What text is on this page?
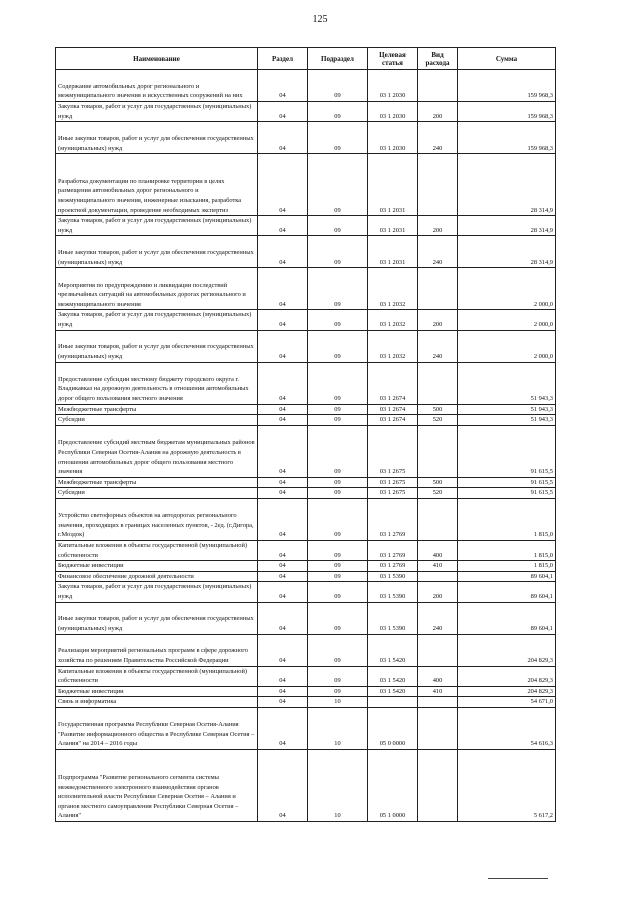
125
Наименование	Раздел	Подраздел	Целевая статья	Вид расхода	Сумма
Содержание автомобильных дорог регионального и межмуниципального значения и искусственных сооружений на них	04	09	03 1 2030		159 968,3
Закупка товаров, работ и услуг для государственных (муниципальных) нужд	04	09	03 1 2030	200	159 968,3
Иные закупки товаров, работ и услуг для обеспечения государственных (муниципальных) нужд	04	09	03 1 2030	240	159 968,3
Разработка документации по планировке территории в целях размещения автомобильных дорог регионального и межмуниципального значения, инженерные изыскания, разработка проектной документации, проведение необходимых экспертиз	04	09	03 1 2031		28 314,9
Закупка товаров, работ и услуг для государственных (муниципальных) нужд	04	09	03 1 2031	200	28 314,9
Иные закупки товаров, работ и услуг для обеспечения государственных (муниципальных) нужд	04	09	03 1 2031	240	28 314,9
Мероприятия по предупреждению и ликвидации последствий чрезвычайных ситуаций на автомобильных дорогах регионального и межмуниципального значения	04	09	03 1 2032		2 000,0
Закупка товаров, работ и услуг для государственных (муниципальных) нужд	04	09	03 1 2032	200	2 000,0
Иные закупки товаров, работ и услуг для обеспечения государственных (муниципальных) нужд	04	09	03 1 2032	240	2 000,0
Предоставление субсидии местному бюджету городского округа г. Владикавказ на дорожную деятельность в отношении автомобильных дорог общего пользования местного значения	04	09	03 1 2674		51 943,3
Межбюджетные трансферты	04	09	03 1 2674	500	51 943,3
Субсидии	04	09	03 1 2674	520	51 943,3
Предоставление субсидий местным бюджетам муниципальных районов Республики Северная Осетия-Алания на дорожную деятельность в отношении автомобильных дорог общего пользования местного значения	04	09	03 1 2675		91 615,5
Межбюджетные трансферты	04	09	03 1 2675	500	91 615,5
Субсидии	04	09	03 1 2675	520	91 615,5
Устройство светофорных объектов на автодорогах регионального значения, проходящих в границах населенных пунктов, - 2ед. (г.Дигора, г.Моздок)	04	09	03 1 2769		1 815,0
Капитальные вложения в объекты государственной (муниципальной) собственности	04	09	03 1 2769	400	1 815,0
Бюджетные инвестиции	04	09	03 1 2769	410	1 815,0
Финансовое обеспечение дорожной деятельности	04	09	03 1 5390		89 604,1
Закупка товаров, работ и услуг для государственных (муниципальных) нужд	04	09	03 1 5390	200	89 604,1
Иные закупки товаров, работ и услуг для обеспечения государственных (муниципальных) нужд	04	09	03 1 5390	240	89 604,1
Реализация мероприятий региональных программ в сфере дорожного хозяйства по решениям Правительства Российской Федерации	04	09	03 1 5420		204 829,3
Капитальные вложения в объекты государственной (муниципальной) собственности	04	09	03 1 5420	400	204 829,3
Бюджетные инвестиции	04	09	03 1 5420	410	204 829,3
Связь и информатика	04	10			54 671,0
Государственная программа Республики Северная Осетия-Алания "Развитие информационного общества в Республике Северная Осетия – Алания" на 2014 – 2016 годы	04	10	05 0 0000		54 616,3
Подпрограмма "Развитие регионального сегмента системы межведомственного электронного взаимодействия органов исполнительной власти Республики Северная Осетия – Алания и органов местного самоуправления Республики Северная Осетия – Алания"	04	10	05 1 0000		5 617,2
